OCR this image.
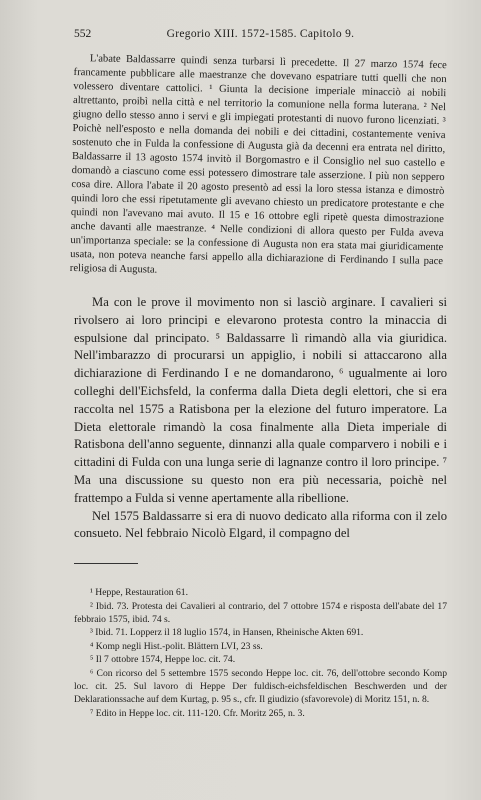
552	Gregorio XIII. 1572-1585. Capitolo 9.

L'abate Baldassarre quindi senza turbarsi lì precedette. Il 27 marzo 1574 fece francamente pubblicare alle maestranze che dovevano espatriare tutti quelli che non volessero diventare cattolici. ¹ Giunta la decisione imperiale minacciò ai nobili altrettanto, proibì nella città e nel territorio la comunione nella forma luterana. ² Nel giugno dello stesso anno i servi e gli impiegati protestanti di nuovo furono licenziati. ³ Poichè nell'esposto e nella domanda dei nobili e dei cittadini, costantemente veniva sostenuto che in Fulda la confessione di Augusta già da decenni era entrata nel diritto, Baldassarre il 13 agosto 1574 invitò il Borgomastro e il Consiglio nel suo castello e domandò a ciascuno come essi potessero dimostrare tale asserzione. I più non seppero cosa dire. Allora l'abate il 20 agosto presentò ad essi la loro stessa istanza e dimostrò quindi loro che essi ripetutamente gli avevano chiesto un predicatore protestante e che quindi non l'avevano mai avuto. Il 15 e 16 ottobre egli ripetè questa dimostrazione anche davanti alle maestranze. ⁴ Nelle condizioni di allora questo per Fulda aveva un'importanza speciale: se la confessione di Augusta non era stata mai giuridicamente usata, non poteva neanche farsi appello alla dichiarazione di Ferdinando I sulla pace religiosa di Augusta.

Ma con le prove il movimento non si lasciò arginare. I cavalieri si rivolsero ai loro principi e elevarono protesta contro la minaccia di espulsione dal principato. ⁵ Baldassarre lì rimandò alla via giuridica. Nell'imbarazzo di procurarsi un appiglio, i nobili si attaccarono alla dichiarazione di Ferdinando I e ne domandarono, ⁶ ugualmente ai loro colleghi dell'Eichsfeld, la conferma dalla Dieta degli elettori, che si era raccolta nel 1575 a Ratisbona per la elezione del futuro imperatore. La Dieta elettorale rimandò la cosa finalmente alla Dieta imperiale di Ratisbona dell'anno seguente, dinnanzi alla quale comparvero i nobili e i cittadini di Fulda con una lunga serie di lagnanze contro il loro principe. ⁷ Ma una discussione su questo non era più necessaria, poichè nel frattempo a Fulda si venne apertamente alla ribellione.

Nel 1575 Baldassarre si era di nuovo dedicato alla riforma con il zelo consueto. Nel febbraio Nicolò Elgard, il compagno del

¹ Heppe, Restauration 61.

² Ibid. 73. Protesta dei Cavalieri al contrario, del 7 ottobre 1574 e risposta dell'abate del 17 febbraio 1575, ibid. 74 s.

³ Ibid. 71. Lopperz il 18 luglio 1574, in Hansen, Rheinische Akten 691.

⁴ Komp negli Hist.-polit. Blättern LVI, 23 ss.

⁵ Il 7 ottobre 1574, Heppe loc. cit. 74.

⁶ Con ricorso del 5 settembre 1575 secondo Heppe loc. cit. 76, dell'ottobre secondo Komp loc. cit. 25. Sul lavoro di Heppe Der fuldisch-eichsfeldischen Beschwerden und der Deklarationssache auf dem Kurtag, p. 95 s., cfr. Il giudizio (sfavorevole) di Moritz 151, n. 8.

⁷ Edito in Heppe loc. cit. 111-120. Cfr. Moritz 265, n. 3.
